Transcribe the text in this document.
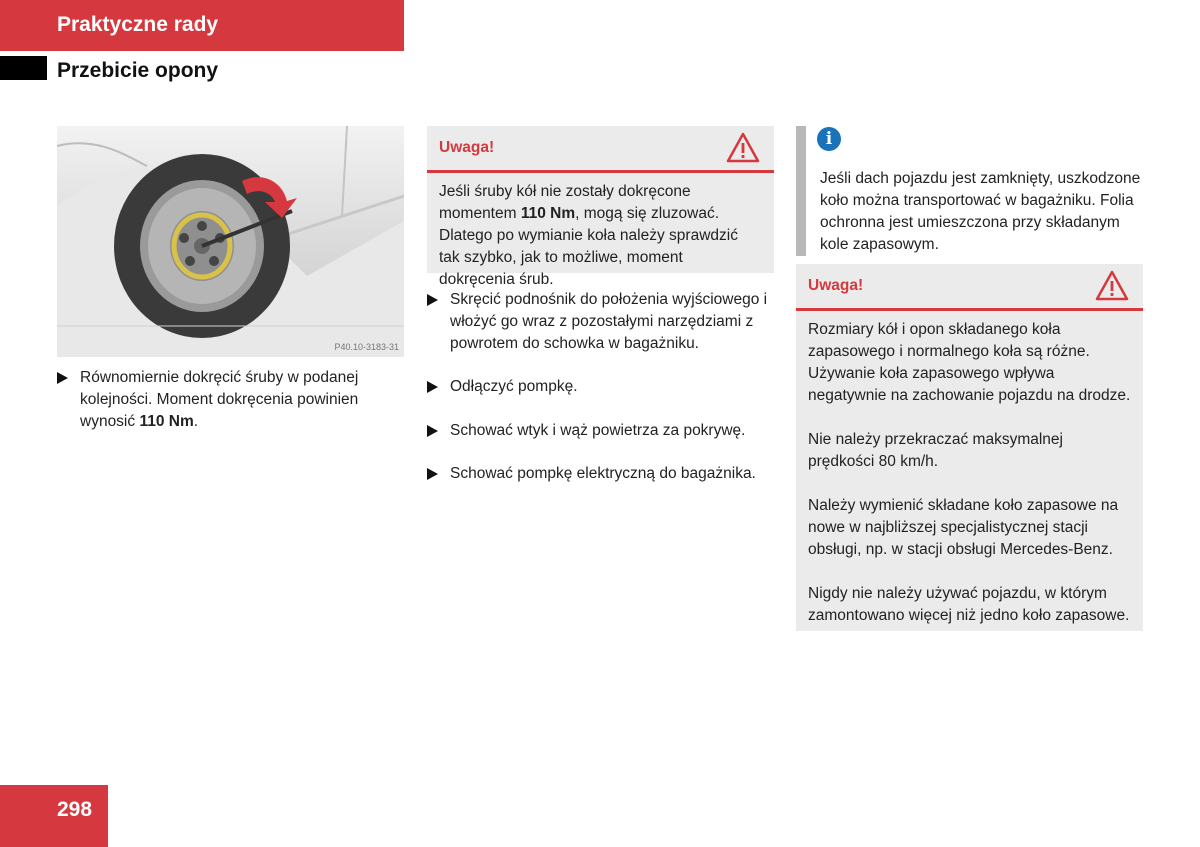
Praktyczne rady
Przebicie opony
P40.10-3183-31
Równomiernie dokręcić śruby w podanej kolejności. Moment dokręcenia powinien wynosić 110 Nm.
Uwaga!

Jeśli śruby kół nie zostały dokręcone momentem 110 Nm, mogą się zluzować. Dlatego po wymianie koła należy sprawdzić tak szybko, jak to możliwe, moment dokręcenia śrub.

Skręcić podnośnik do położenia wyjściowego i włożyć go wraz z pozostałymi narzędziami z powrotem do schowka w bagażniku.
Odłączyć pompkę.
Schować wtyk i wąż powietrza za pokrywę.
Schować pompkę elektryczną do bagażnika.
i
Jeśli dach pojazdu jest zamknięty, uszkodzone koło można transportować w bagażniku. Folia ochronna jest umieszczona przy składanym kole zapasowym.
Uwaga!

Rozmiary kół i opon składanego koła zapasowego i normalnego koła są różne. Używanie koła zapasowego wpływa negatywnie na zachowanie pojazdu na drodze.

Nie należy przekraczać maksymalnej prędkości 80 km/h.

Należy wymienić składane koło zapasowe na nowe w najbliższej specjalistycznej stacji obsługi, np. w stacji obsługi Mercedes-Benz.

Nigdy nie należy używać pojazdu, w którym zamontowano więcej niż jedno koło zapasowe.

298
